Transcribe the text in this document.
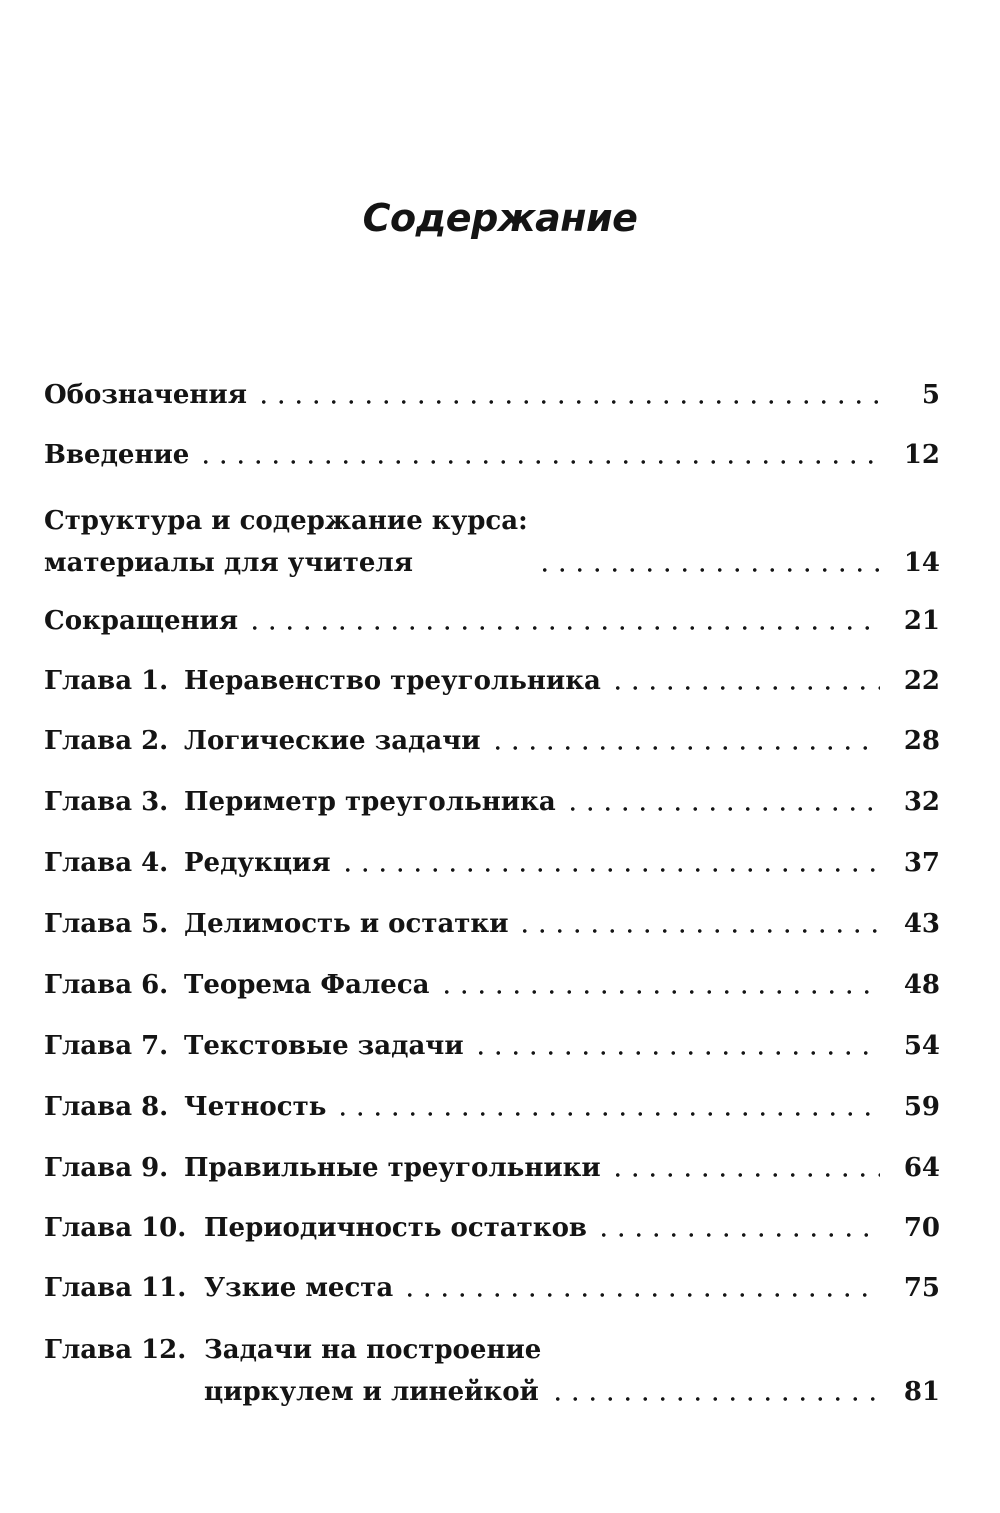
Содержание
Обозначения	5
Введение	12
Структура и содержание курса:
материалы для учителя	14
Сокращения	21
Глава 1. Неравенство треугольника	22
Глава 2. Логические задачи	28
Глава 3. Периметр треугольника	32
Глава 4. Редукция	37
Глава 5. Делимость и остатки	43
Глава 6. Теорема Фалеса	48
Глава 7. Текстовые задачи	54
Глава 8. Четность	59
Глава 9. Правильные треугольники	64
Глава 10. Периодичность остатков	70
Глава 11. Узкие места	75
Глава 12. Задачи на построение
циркулем и линейкой	81
